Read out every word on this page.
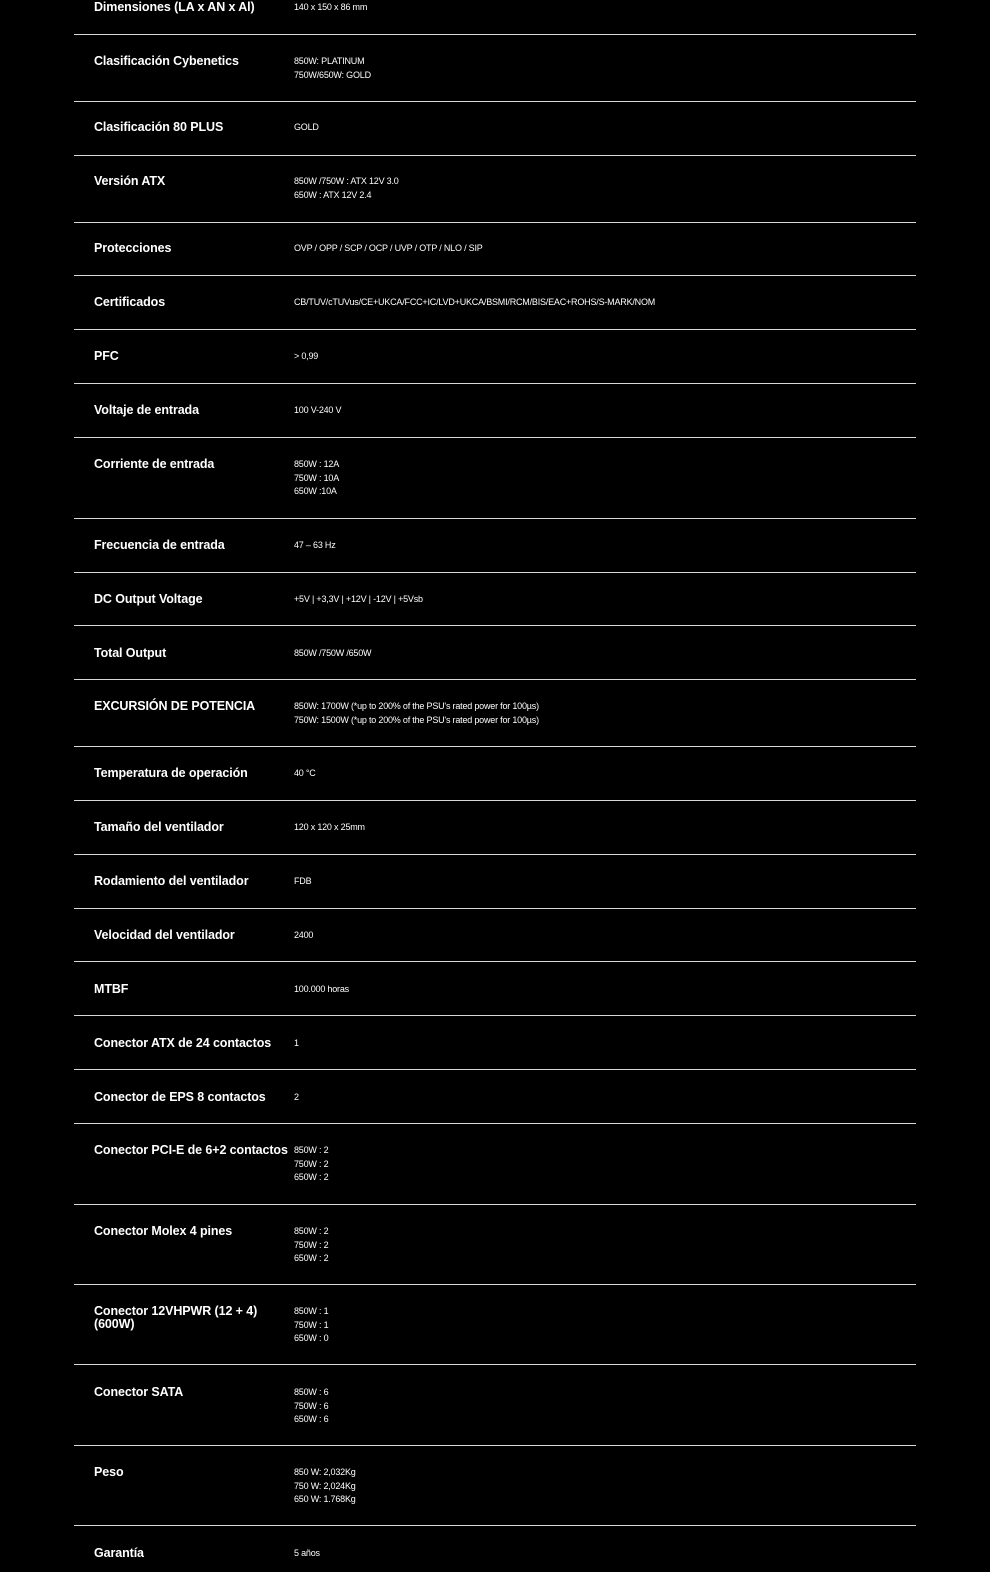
Dimensiones (LA x AN x Al)	140 x 150 x 86 mm
Clasificación Cybenetics	850W: PLATINUM
750W/650W: GOLD
Clasificación 80 PLUS	GOLD
Versión ATX	850W /750W : ATX 12V 3.0
650W : ATX 12V 2.4
Protecciones	OVP / OPP / SCP / OCP / UVP / OTP / NLO / SIP
Certificados	CB/TUV/cTUVus/CE+UKCA/FCC+IC/LVD+UKCA/BSMI/RCM/BIS/EAC+ROHS/S-MARK/NOM
PFC	> 0,99
Voltaje de entrada	100 V-240 V
Corriente de entrada	850W : 12A
750W : 10A
650W :10A
Frecuencia de entrada	47 – 63 Hz
DC Output Voltage	+5V | +3,3V | +12V | -12V | +5Vsb
Total Output	850W /750W /650W
EXCURSIÓN DE POTENCIA	850W: 1700W (*up to 200% of the PSU's rated power for 100µs)
750W: 1500W (*up to 200% of the PSU's rated power for 100µs)
Temperatura de operación	40 °C
Tamaño del ventilador	120 x 120 x 25mm
Rodamiento del ventilador	FDB
Velocidad del ventilador	2400
MTBF	100.000 horas
Conector ATX de 24 contactos	1
Conector de EPS 8 contactos	2
Conector PCI-E de 6+2 contactos 850W : 2
750W : 2
650W : 2
Conector Molex 4 pines	850W : 2
750W : 2
650W : 2
Conector 12VHPWR (12 + 4) (600W)
850W : 1
750W : 1
650W : 0
Conector SATA	850W : 6
750W : 6
650W : 6
Peso	850 W: 2,032Kg
750 W: 2,024Kg
650 W: 1.768Kg
Garantía	5 años
